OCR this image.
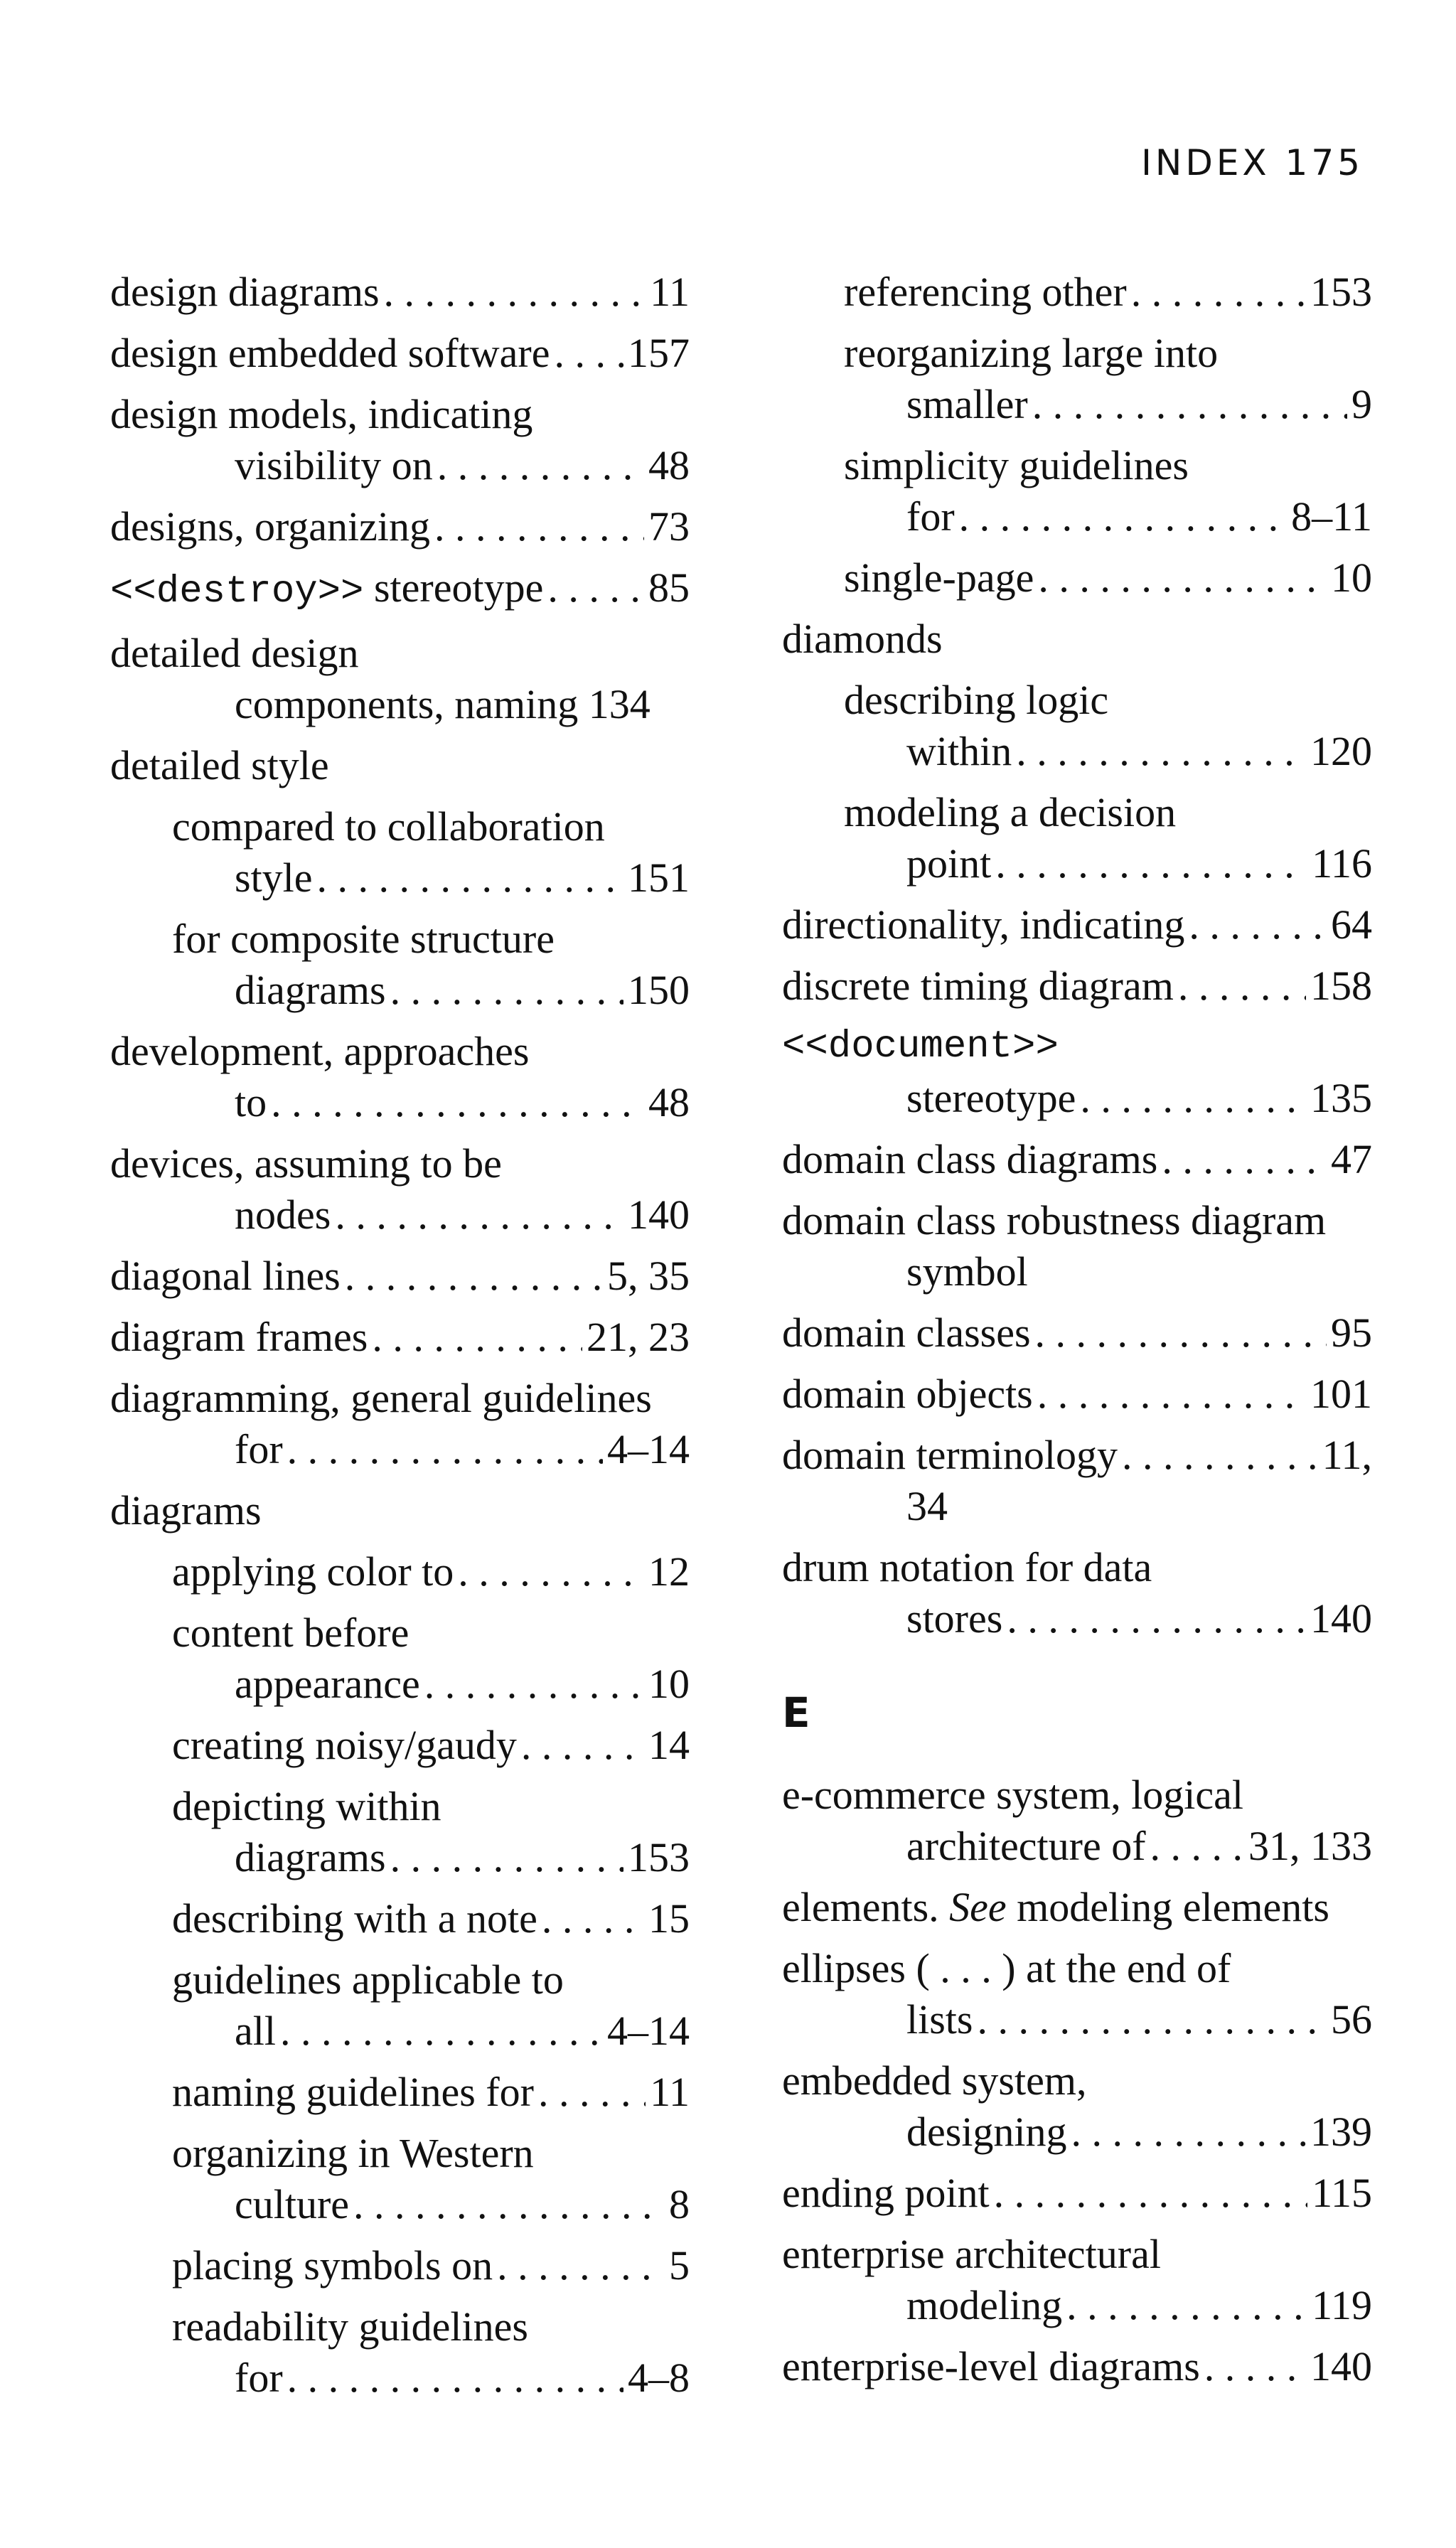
INDEX 175
design diagrams . . .	11
design embedded software . . . 157
design models, indicating
visibility on . . .	48
designs, organizing . . .	73
<<destroy>> stereotype . . .	85
detailed design
components, naming 134
detailed style
compared to collaboration
style . . .	151
for composite structure
diagrams . . .	150
development, approaches
to . . .	48
devices, assuming to be
nodes . . .	140
diagonal lines . . .	5, 35
diagram frames . . .	21, 23
diagramming, general guidelines
for . . .	4–14
diagrams
applying color to . . .	12
content before
appearance . . .	10
creating noisy/gaudy . . .	14
depicting within
diagrams . . .	153
describing with a note . . .	15
guidelines applicable to
all . . .	4–14
naming guidelines for . . .	11
organizing in Western
culture . . .	8
placing symbols on . . .	5
readability guidelines
for . . .	4–8
referencing other . . .	153
reorganizing large into
smaller . . .	9
simplicity guidelines
for . . .	8–11
single-page . . .	10
diamonds
describing logic
within . . .	120
modeling a decision
point . . .	116
directionality, indicating . . .	64
discrete timing diagram . . .	158
<<document>>
stereotype . . .	135
domain class diagrams . . .	47
domain class robustness diagram
symbol
domain classes . . .	95
domain objects . . .	101
domain terminology . . .	11,
34
drum notation for data
stores . . .	140
E
e-commerce system, logical
architecture of . . . 31, 133
elements. See modeling elements
ellipses ( . . . ) at the end of
lists . . .	56
embedded system,
designing . . .	139
ending point . . .	115
enterprise architectural
modeling . . .	119
enterprise-level diagrams . . .	140
